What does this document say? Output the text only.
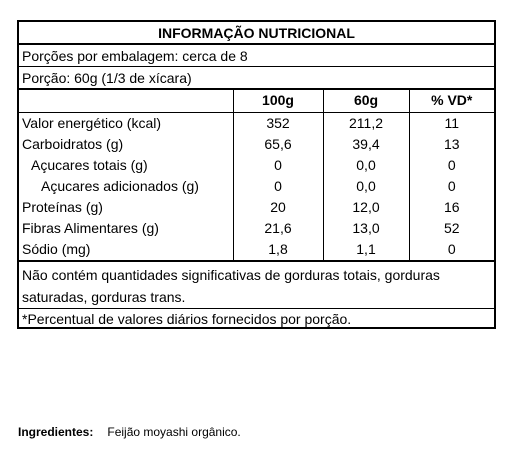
INFORMAÇÃO NUTRICIONAL
Porções por embalagem: cerca de 8
Porção: 60g (1/3 de xícara)
	100g	60g	% VD*
Valor energético (kcal)	352	211,2	11
Carboidratos (g)	65,6	39,4	13
Açucares totais (g)	0	0,0	0
Açucares adicionados (g)	0	0,0	0
Proteínas (g)	20	12,0	16
Fibras Alimentares (g)	21,6	13,0	52
Sódio (mg)	1,8	1,1	0
Não contém quantidades significativas de gorduras totais, gorduras saturadas, gorduras trans.
*Percentual de valores diários fornecidos por porção.
Ingredientes: Feijão moyashi orgânico.
